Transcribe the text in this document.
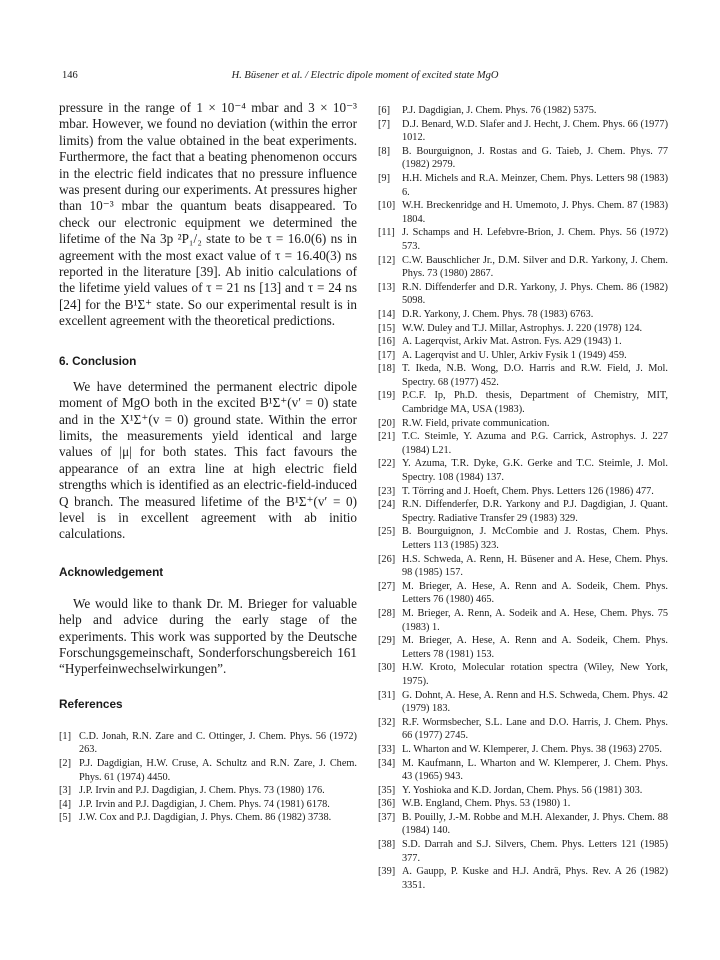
146	H. Büsener et al. / Electric dipole moment of excited state MgO

pressure in the range of 1 × 10⁻⁴ mbar and 3 × 10⁻³ mbar. However, we found no deviation (within the error limits) from the value obtained in the beat experiments. Furthermore, the fact that a beating phenomenon occurs in the electric field indicates that no pressure influence was present during our experiments. At pressures higher than 10⁻³ mbar the quantum beats disappeared. To check our electronic equipment we determined the lifetime of the Na 3p ²P₁/₂ state to be τ = 16.0(6) ns in agreement with the most exact value of τ = 16.40(3) ns reported in the literature [39]. Ab initio calculations of the lifetime yield values of τ = 21 ns [13] and τ = 24 ns [24] for the B¹Σ⁺ state. So our experimental result is in excellent agreement with the theoretical predictions.

6. Conclusion

We have determined the permanent electric dipole moment of MgO both in the excited B¹Σ⁺(v′ = 0) state and in the X¹Σ⁺(v = 0) ground state. Within the error limits, the measurements yield identical and large values of |μ| for both states. This fact favours the appearance of an extra line at high electric field strengths which is identified as an electric-field-induced Q branch. The measured lifetime of the B¹Σ⁺(v′ = 0) level is in excellent agreement with ab initio calculations.

Acknowledgement

We would like to thank Dr. M. Brieger for valuable help and advice during the early stage of the experiments. This work was supported by the Deutsche Forschungsgemeinschaft, Sonderforschungsbereich 161 “Hyperfeinwechselwirkungen”.

References
[1] C.D. Jonah, R.N. Zare and C. Ottinger, J. Chem. Phys. 56 (1972) 263.
[2] P.J. Dagdigian, H.W. Cruse, A. Schultz and R.N. Zare, J. Chem. Phys. 61 (1974) 4450.
[3] J.P. Irvin and P.J. Dagdigian, J. Chem. Phys. 73 (1980) 176.
[4] J.P. Irvin and P.J. Dagdigian, J. Chem. Phys. 74 (1981) 6178.
[5] J.W. Cox and P.J. Dagdigian, J. Phys. Chem. 86 (1982) 3738.
[6]	P.J. Dagdigian, J. Chem. Phys. 76 (1982) 5375.
[7]	D.J. Benard, W.D. Slafer and J. Hecht, J. Chem. Phys. 66 (1977) 1012.
[8]	B. Bourguignon, J. Rostas and G. Taieb, J. Chem. Phys. 77 (1982) 2979.
[9]	H.H. Michels and R.A. Meinzer, Chem. Phys. Letters 98 (1983) 6.
[10] W.H. Breckenridge and H. Umemoto, J. Phys. Chem. 87 (1983) 1804.
[11] J. Schamps and H. Lefebvre-Brion, J. Chem. Phys. 56 (1972) 573.
[12] C.W. Bauschlicher Jr., D.M. Silver and D.R. Yarkony, J. Chem. Phys. 73 (1980) 2867.
[13] R.N. Diffenderfer and D.R. Yarkony, J. Phys. Chem. 86 (1982) 5098.
[14] D.R. Yarkony, J. Chem. Phys. 78 (1983) 6763.
[15] W.W. Duley and T.J. Millar, Astrophys. J. 220 (1978) 124.
[16] A. Lagerqvist, Arkiv Mat. Astron. Fys. A29 (1943) 1.
[17] A. Lagerqvist and U. Uhler, Arkiv Fysik 1 (1949) 459.
[18] T. Ikeda, N.B. Wong, D.O. Harris and R.W. Field, J. Mol. Spectry. 68 (1977) 452.
[19] P.C.F. Ip, Ph.D. thesis, Department of Chemistry, MIT, Cambridge MA, USA (1983).
[20] R.W. Field, private communication.
[21] T.C. Steimle, Y. Azuma and P.G. Carrick, Astrophys. J. 227 (1984) L21.
[22] Y. Azuma, T.R. Dyke, G.K. Gerke and T.C. Steimle, J. Mol. Spectry. 108 (1984) 137.
[23] T. Törring and J. Hoeft, Chem. Phys. Letters 126 (1986) 477.
[24] R.N. Diffenderfer, D.R. Yarkony and P.J. Dagdigian, J. Quant. Spectry. Radiative Transfer 29 (1983) 329.
[25] B. Bourguignon, J. McCombie and J. Rostas, Chem. Phys. Letters 113 (1985) 323.
[26] H.S. Schweda, A. Renn, H. Büsener and A. Hese, Chem. Phys. 98 (1985) 157.
[27] M. Brieger, A. Hese, A. Renn and A. Sodeik, Chem. Phys. Letters 76 (1980) 465.
[28] M. Brieger, A. Renn, A. Sodeik and A. Hese, Chem. Phys. 75 (1983) 1.
[29] M. Brieger, A. Hese, A. Renn and A. Sodeik, Chem. Phys. Letters 78 (1981) 153.
[30] H.W. Kroto, Molecular rotation spectra (Wiley, New York, 1975).
[31] G. Dohnt, A. Hese, A. Renn and H.S. Schweda, Chem. Phys. 42 (1979) 183.
[32] R.F. Wormsbecher, S.L. Lane and D.O. Harris, J. Chem. Phys. 66 (1977) 2745.
[33] L. Wharton and W. Klemperer, J. Chem. Phys. 38 (1963) 2705.
[34] M. Kaufmann, L. Wharton and W. Klemperer, J. Chem. Phys. 43 (1965) 943.
[35] Y. Yoshioka and K.D. Jordan, Chem. Phys. 56 (1981) 303.
[36] W.B. England, Chem. Phys. 53 (1980) 1.
[37] B. Pouilly, J.-M. Robbe and M.H. Alexander, J. Phys. Chem. 88 (1984) 140.
[38] S.D. Darrah and S.J. Silvers, Chem. Phys. Letters 121 (1985) 377.
[39] A. Gaupp, P. Kuske and H.J. Andrä, Phys. Rev. A 26 (1982) 3351.
